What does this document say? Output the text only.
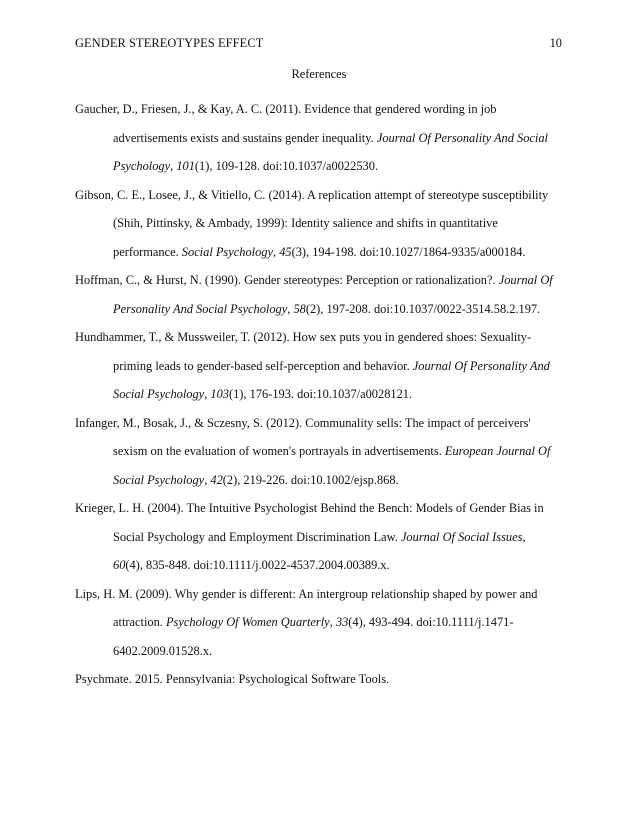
GENDER STEREOTYPES EFFECT	10
References
Gaucher, D., Friesen, J., & Kay, A. C. (2011). Evidence that gendered wording in job
advertisements exists and sustains gender inequality. Journal Of Personality And Social
Psychology, 101(1), 109-128. doi:10.1037/a0022530.
Gibson, C. E., Losee, J., & Vitiello, C. (2014). A replication attempt of stereotype susceptibility
(Shih, Pittinsky, & Ambady, 1999): Identity salience and shifts in quantitative
performance. Social Psychology, 45(3), 194-198. doi:10.1027/1864-9335/a000184.
Hoffman, C., & Hurst, N. (1990). Gender stereotypes: Perception or rationalization?. Journal Of
Personality And Social Psychology, 58(2), 197-208. doi:10.1037/0022-3514.58.2.197.
Hundhammer, T., & Mussweiler, T. (2012). How sex puts you in gendered shoes: Sexuality-
priming leads to gender-based self-perception and behavior. Journal Of Personality And
Social Psychology, 103(1), 176-193. doi:10.1037/a0028121.
Infanger, M., Bosak, J., & Sczesny, S. (2012). Communality sells: The impact of perceivers'
sexism on the evaluation of women's portrayals in advertisements. European Journal Of
Social Psychology, 42(2), 219-226. doi:10.1002/ejsp.868.
Krieger, L. H. (2004). The Intuitive Psychologist Behind the Bench: Models of Gender Bias in
Social Psychology and Employment Discrimination Law. Journal Of Social Issues,
60(4), 835-848. doi:10.1111/j.0022-4537.2004.00389.x.
Lips, H. M. (2009). Why gender is different: An intergroup relationship shaped by power and
attraction. Psychology Of Women Quarterly, 33(4), 493-494. doi:10.1111/j.1471-
6402.2009.01528.x.
Psychmate. 2015. Pennsylvania: Psychological Software Tools.
